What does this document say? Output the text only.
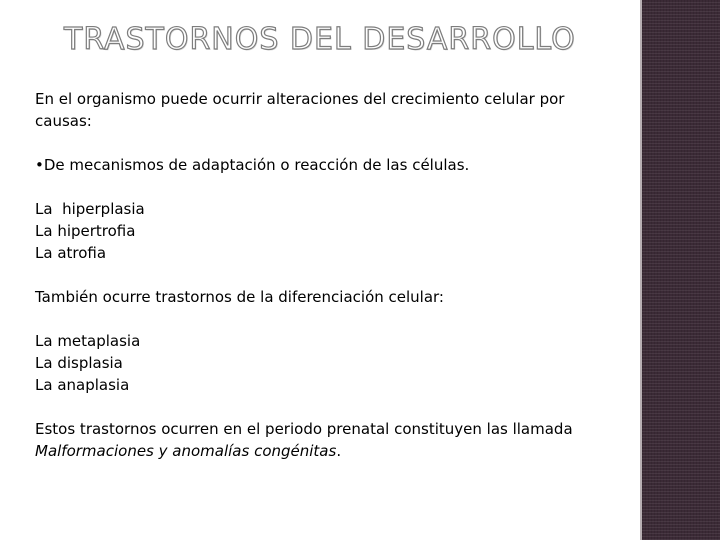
TRASTORNOS DEL DESARROLLO

En el organismo puede ocurrir alteraciones del crecimiento celular por

causas:

•De mecanismos de adaptación o reacción de las células.

La  hiperplasia

La hipertrofia

La atrofia

También ocurre trastornos de la diferenciación celular:

La metaplasia

La displasia

La anaplasia

Estos trastornos ocurren en el periodo prenatal constituyen las llamada

Malformaciones y anomalías congénitas.
